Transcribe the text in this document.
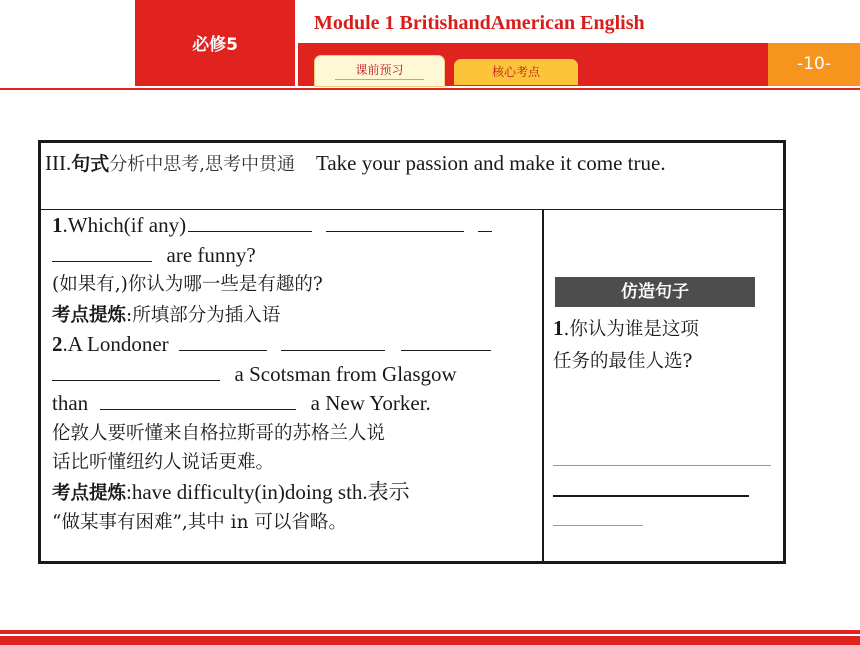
必修5
Module 1 BritishandAmerican English
-10-
课前预习	核心考点
III.句式分析中思考,思考中贯通 Take your passion and make it come true.
1.Which(if any)
are funny?
(如果有,)你认为哪一些是有趣的?
考点提炼:所填部分为插入语
2.A Londoner
a Scotsman from Glasgow
than	a New Yorker.
伦敦人要听懂来自格拉斯哥的苏格兰人说
话比听懂纽约人说话更难。
考点提炼:have difficulty(in)doing sth.表示
“做某事有困难”,其中 in 可以省略。
仿造句子
1.你认为谁是这项
任务的最佳人选?
